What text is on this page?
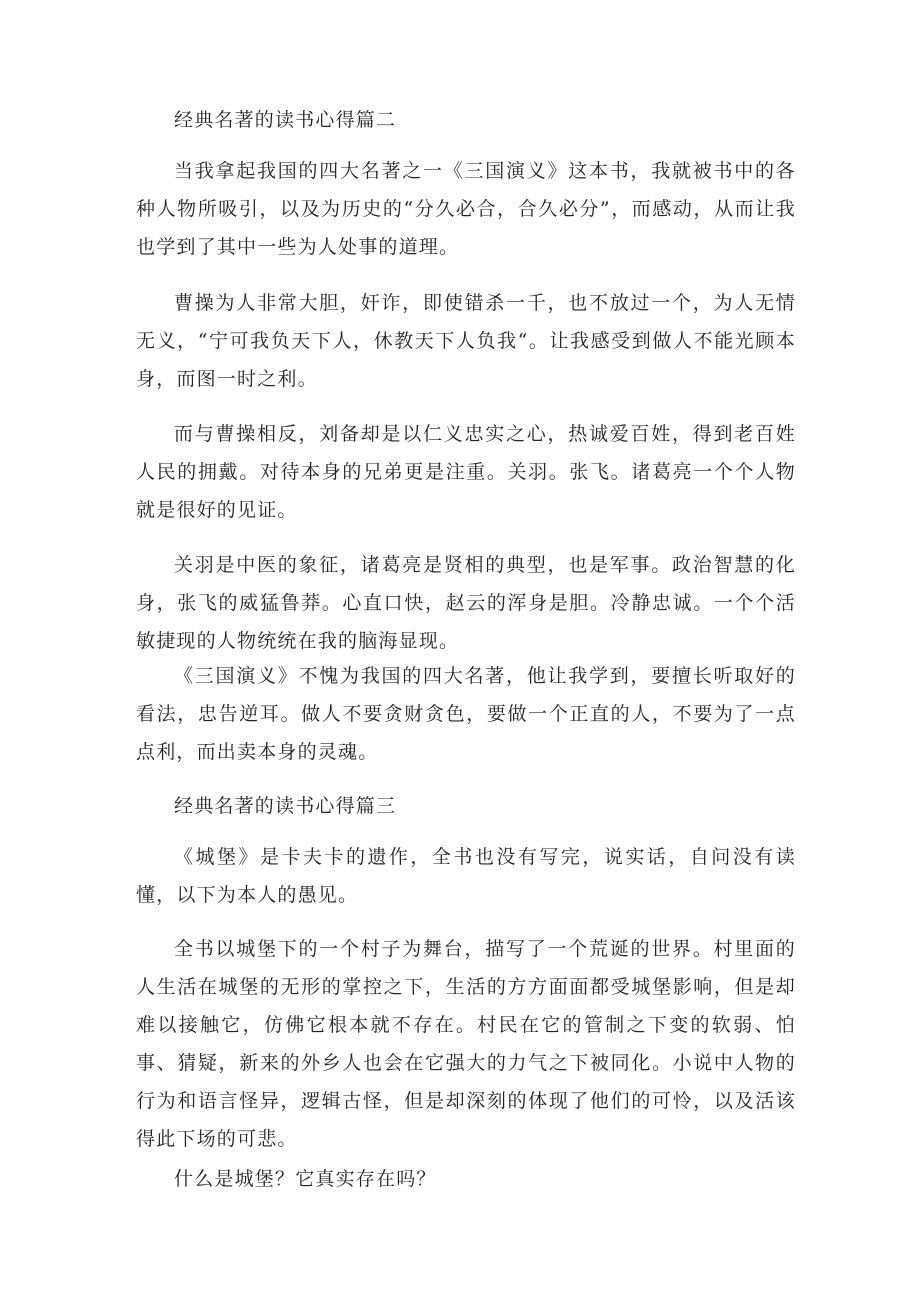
经典名著的读书心得篇二

当我拿起我国的四大名著之一《三国演义》这本书，我就被书中的各种人物所吸引，以及为历史的“分久必合，合久必分”，而感动，从而让我也学到了其中一些为人处事的道理。

曹操为人非常大胆，奸诈，即使错杀一千，也不放过一个，为人无情无义，“宁可我负天下人，休教天下人负我“。让我感受到做人不能光顾本身，而图一时之利。

而与曹操相反，刘备却是以仁义忠实之心，热诚爱百姓，得到老百姓人民的拥戴。对待本身的兄弟更是注重。关羽。张飞。诸葛亮一个个人物就是很好的见证。

关羽是中医的象征，诸葛亮是贤相的典型，也是军事。政治智慧的化身，张飞的威猛鲁莽。心直口快，赵云的浑身是胆。冷静忠诚。一个个活敏捷现的人物统统在我的脑海显现。

《三国演义》不愧为我国的四大名著，他让我学到，要擅长听取好的看法，忠告逆耳。做人不要贪财贪色，要做一个正直的人，不要为了一点点利，而出卖本身的灵魂。

经典名著的读书心得篇三

《城堡》是卡夫卡的遗作，全书也没有写完，说实话，自问没有读懂，以下为本人的愚见。

全书以城堡下的一个村子为舞台，描写了一个荒诞的世界。村里面的人生活在城堡的无形的掌控之下，生活的方方面面都受城堡影响，但是却难以接触它，仿佛它根本就不存在。村民在它的管制之下变的软弱、怕事、猜疑，新来的外乡人也会在它强大的力气之下被同化。小说中人物的行为和语言怪异，逻辑古怪，但是却深刻的体现了他们的可怜，以及活该得此下场的可悲。

什么是城堡？它真实存在吗？
